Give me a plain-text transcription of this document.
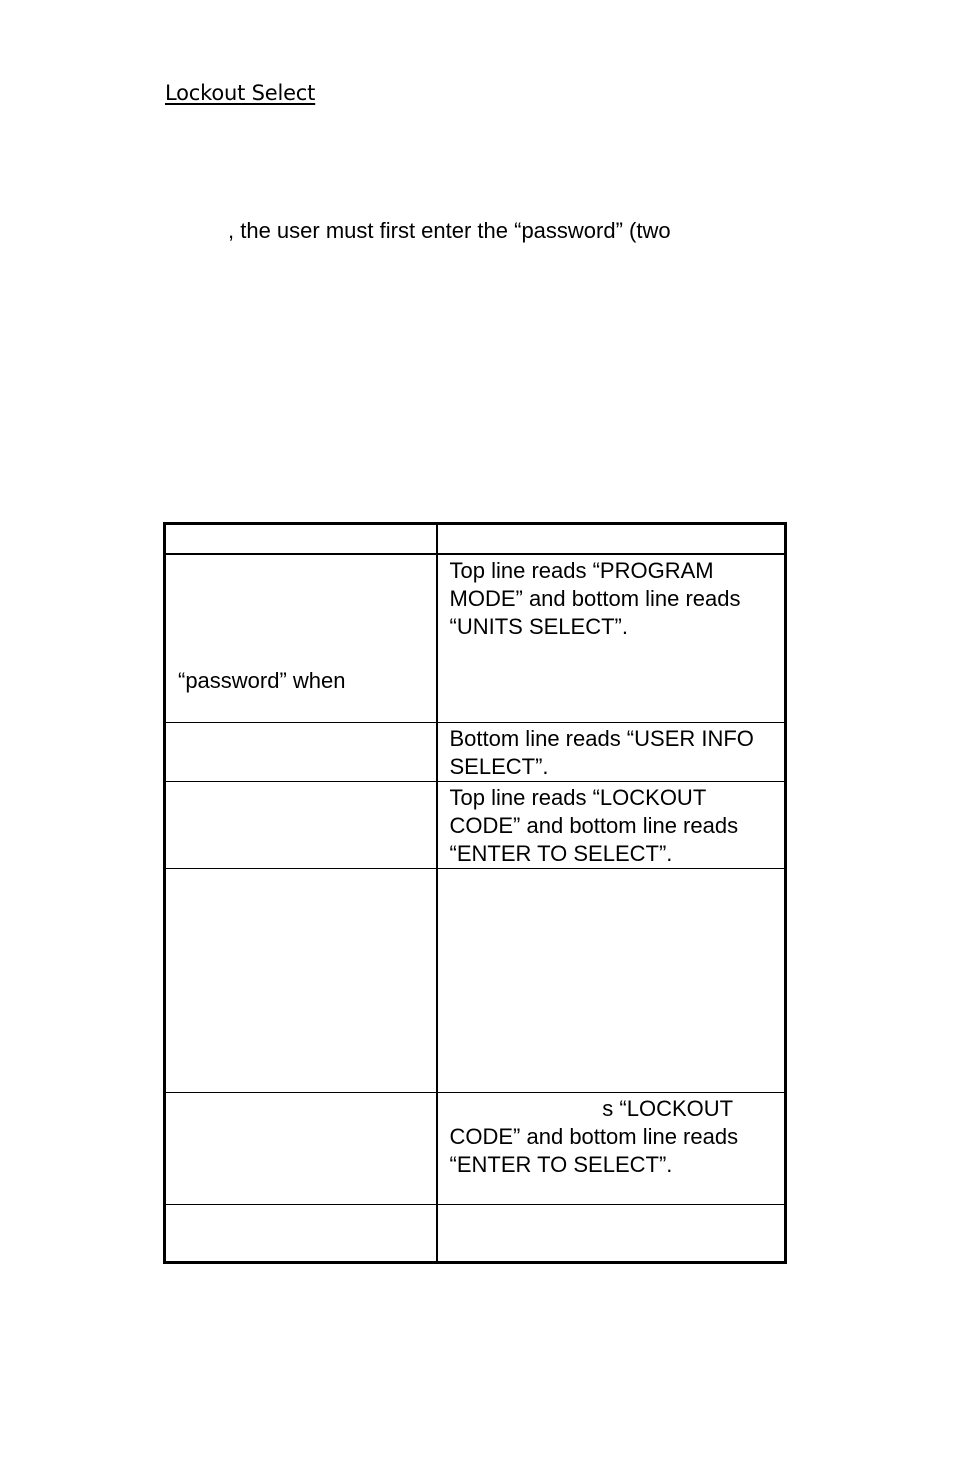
Lockout Select

, the user must first enter the “password” (two

“password” when	Top line reads “PROGRAM MODE” and bottom line reads “UNITS SELECT”.

	Bottom line reads “USER INFO SELECT”.

	Top line reads “LOCKOUT CODE” and bottom line reads “ENTER TO SELECT”.

	s “LOCKOUT CODE” and bottom line reads “ENTER TO SELECT”.
